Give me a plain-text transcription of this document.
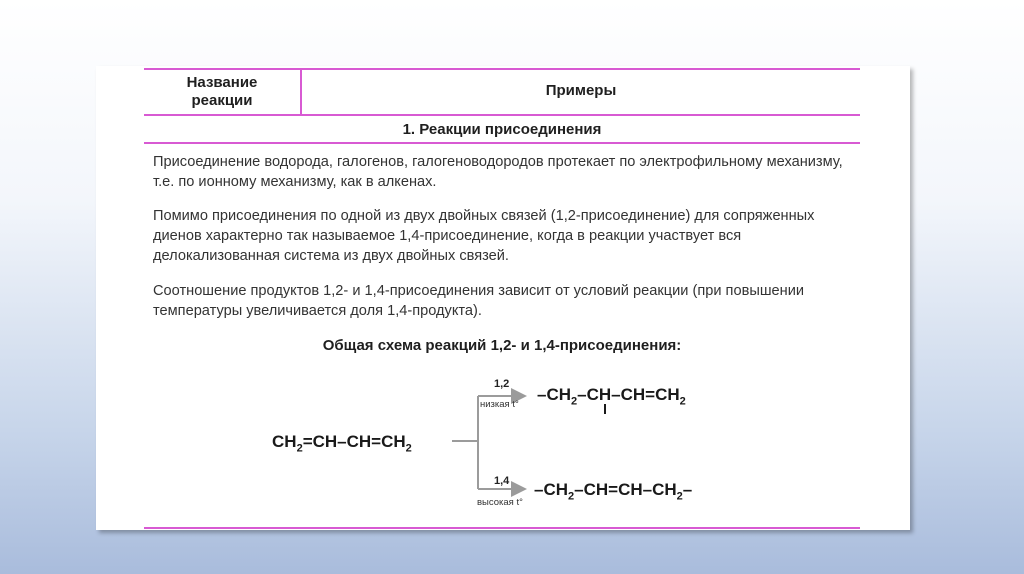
Название
реакции
Примеры
1. Реакции присоединения
Присоединение водорода, галогенов, галогеноводородов протекает по электрофильному механизму, т.е. по ионному механизму, как в алкенах.
Помимо присоединения по одной из двух двойных связей (1,2-присоединение) для сопряженных диенов характерно так называемое 1,4-присоединение, когда в реакции участвует вся делокализованная система из двух двойных связей.
Соотношение продуктов 1,2- и 1,4-присоединения зависит от условий реакции (при повышении температуры увеличивается доля 1,4-продукта).
Общая схема реакций 1,2- и 1,4-присоединения:
$CH_2=CH-CH=CH_2$
1,2
низкая t°
$-CH_2-CH-CH=CH_2$
1,4
высокая t°
$-CH_2-CH=CH-CH_2-$
